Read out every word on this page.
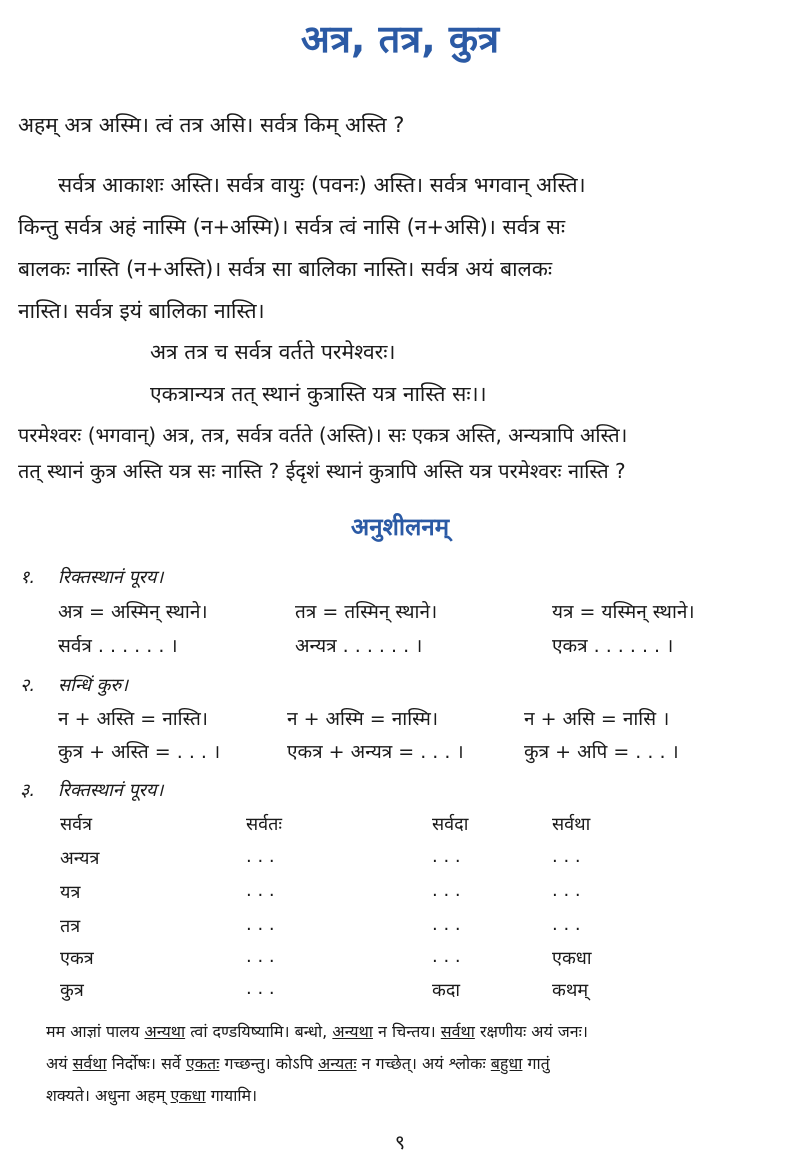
अत्र, तत्र, कुत्र
अहम् अत्र अस्मि। त्वं तत्र असि। सर्वत्र किम् अस्ति ?
सर्वत्र आकाशः अस्ति। सर्वत्र वायुः (पवनः) अस्ति। सर्वत्र भगवान् अस्ति।
किन्तु सर्वत्र अहं नास्मि (न+अस्मि)। सर्वत्र त्वं नासि (न+असि)। सर्वत्र सः
बालकः नास्ति (न+अस्ति)। सर्वत्र सा बालिका नास्ति। सर्वत्र अयं बालकः
नास्ति। सर्वत्र इयं बालिका नास्ति।
अत्र तत्र च सर्वत्र वर्तते परमेश्वरः।
एकत्रान्यत्र तत् स्थानं कुत्रास्ति यत्र नास्ति सः।।
परमेश्वरः (भगवान्) अत्र, तत्र, सर्वत्र वर्तते (अस्ति)। सः एकत्र अस्ति, अन्यत्रापि अस्ति।
तत् स्थानं कुत्र अस्ति यत्र सः नास्ति ? ईदृशं स्थानं कुत्रापि अस्ति यत्र परमेश्वरः नास्ति ?
अनुशीलनम्
१. रिक्तस्थानं पूरय।
अत्र = अस्मिन् स्थाने।	तत्र = तस्मिन् स्थाने।	यत्र = यस्मिन् स्थाने।
सर्वत्र . . . . . . ।	अन्यत्र . . . . . . ।	एकत्र . . . . . . ।
२. सन्धिं कुरु।
न + अस्ति = नास्ति।	न + अस्मि = नास्मि।	न + असि = नासि ।
कुत्र + अस्ति = . . . ।	एकत्र + अन्यत्र = . . . ।	कुत्र + अपि = . . . ।
३. रिक्तस्थानं पूरय।
सर्वत्र	सर्वतः	सर्वदा	सर्वथा
अन्यत्र	. . .	. . .	. . .
यत्र	. . .	. . .	. . .
तत्र	. . .	. . .	. . .
एकत्र	. . .	. . .	एकधा
कुत्र	. . .	कदा	कथम्
मम आज्ञां पालय अन्यथा त्वां दण्डयिष्यामि। बन्धो, अन्यथा न चिन्तय। सर्वथा रक्षणीयः अयं जनः।
अयं सर्वथा निर्दोषः। सर्वे एकतः गच्छन्तु। कोऽपि अन्यतः न गच्छेत्। अयं श्लोकः बहुधा गातुं
शक्यते। अधुना अहम् एकधा गायामि।
९
